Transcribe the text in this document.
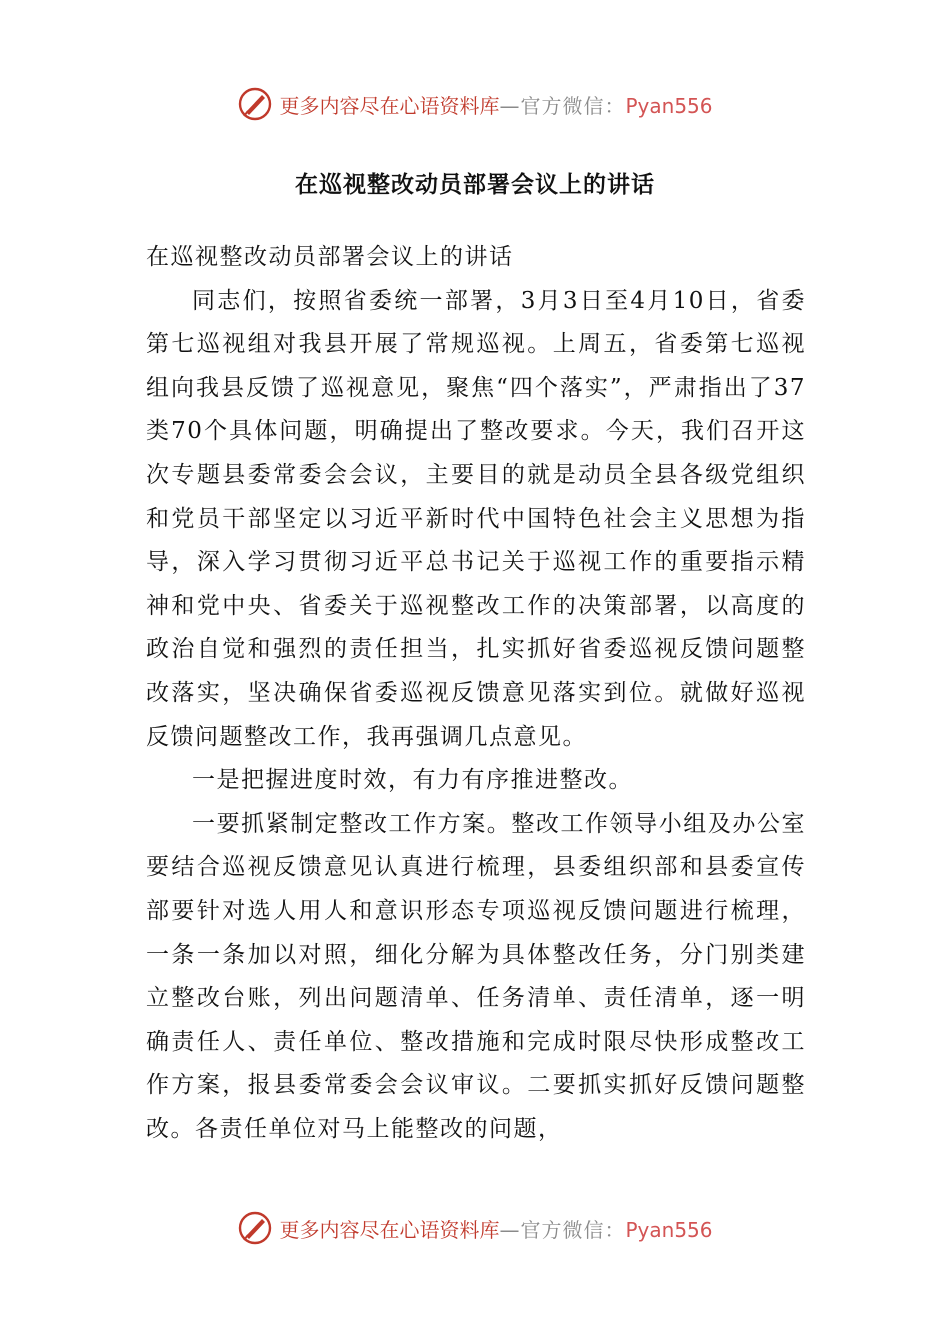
更多内容尽在心语资料库—官方微信：Pyan556
在巡视整改动员部署会议上的讲话

在巡视整改动员部署会议上的讲话

同志们，按照省委统一部署，3月3日至4月10日，省委第七巡视组对我县开展了常规巡视。上周五，省委第七巡视组向我县反馈了巡视意见，聚焦“四个落实”，严肃指出了37类70个具体问题，明确提出了整改要求。今天，我们召开这次专题县委常委会会议，主要目的就是动员全县各级党组织和党员干部坚定以习近平新时代中国特色社会主义思想为指导，深入学习贯彻习近平总书记关于巡视工作的重要指示精神和党中央、省委关于巡视整改工作的决策部署，以高度的政治自觉和强烈的责任担当，扎实抓好省委巡视反馈问题整改落实，坚决确保省委巡视反馈意见落实到位。就做好巡视反馈问题整改工作，我再强调几点意见。

一是把握进度时效，有力有序推进整改。

一要抓紧制定整改工作方案。整改工作领导小组及办公室要结合巡视反馈意见认真进行梳理，县委组织部和县委宣传部要针对选人用人和意识形态专项巡视反馈问题进行梳理，一条一条加以对照，细化分解为具体整改任务，分门别类建立整改台账，列出问题清单、任务清单、责任清单，逐一明确责任人、责任单位、整改措施和完成时限尽快形成整改工作方案，报县委常委会会议审议。二要抓实抓好反馈问题整改。各责任单位对马上能整改的问题，

更多内容尽在心语资料库—官方微信：Pyan556
